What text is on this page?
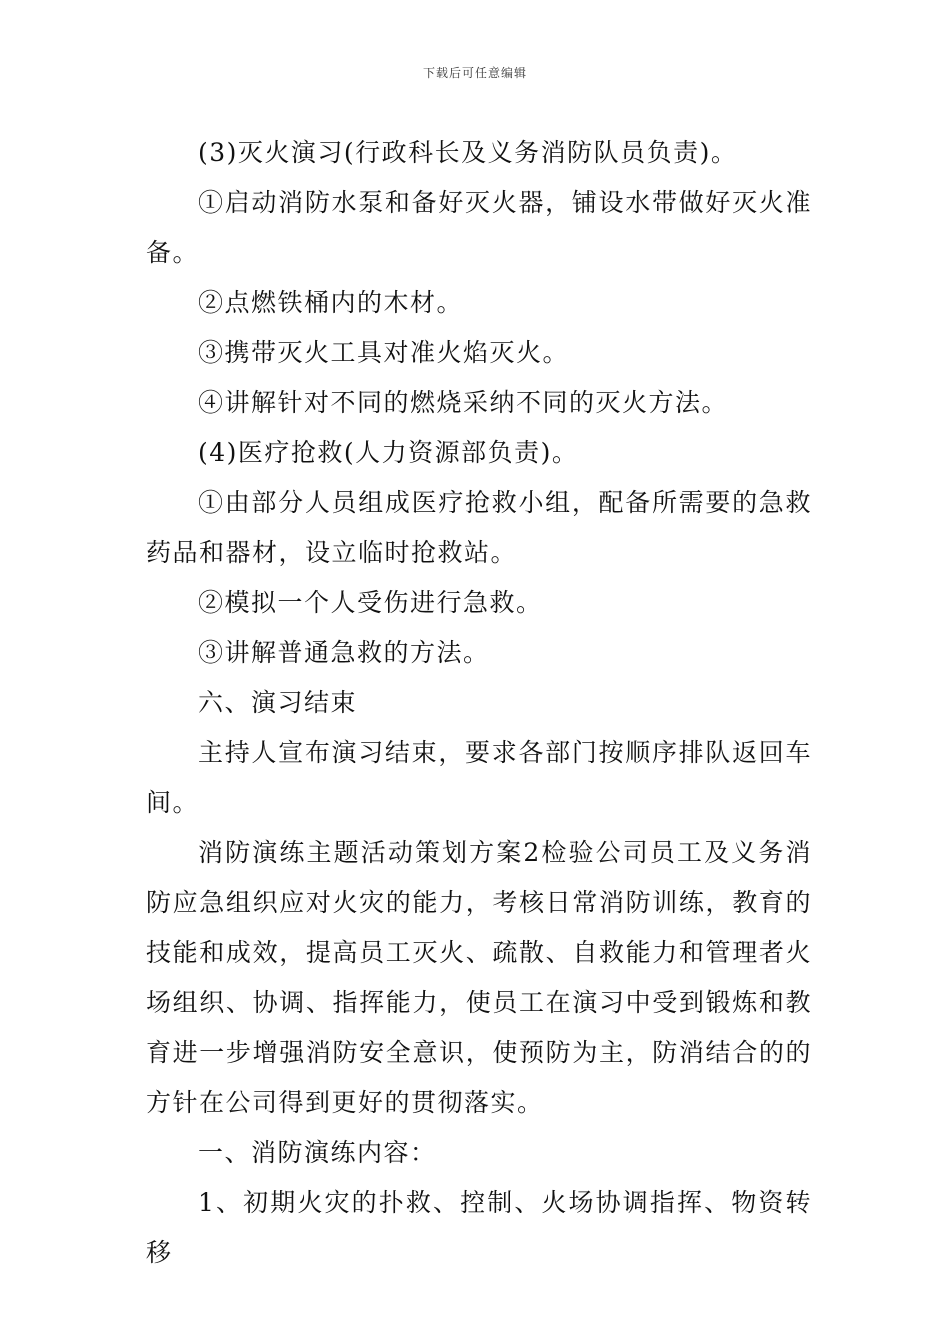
下载后可任意编辑

(3)灭火演习(行政科长及义务消防队员负责)。

①启动消防水泵和备好灭火器，铺设水带做好灭火准备。

②点燃铁桶内的木材。

③携带灭火工具对准火焰灭火。

④讲解针对不同的燃烧采纳不同的灭火方法。

(4)医疗抢救(人力资源部负责)。

①由部分人员组成医疗抢救小组，配备所需要的急救药品和器材，设立临时抢救站。

②模拟一个人受伤进行急救。

③讲解普通急救的方法。

六、演习结束

主持人宣布演习结束，要求各部门按顺序排队返回车间。

消防演练主题活动策划方案2检验公司员工及义务消防应急组织应对火灾的能力，考核日常消防训练，教育的技能和成效，提高员工灭火、疏散、自救能力和管理者火场组织、协调、指挥能力，使员工在演习中受到锻炼和教育进一步增强消防安全意识，使预防为主，防消结合的的方针在公司得到更好的贯彻落实。

一、消防演练内容：

1、初期火灾的扑救、控制、火场协调指挥、物资转移
